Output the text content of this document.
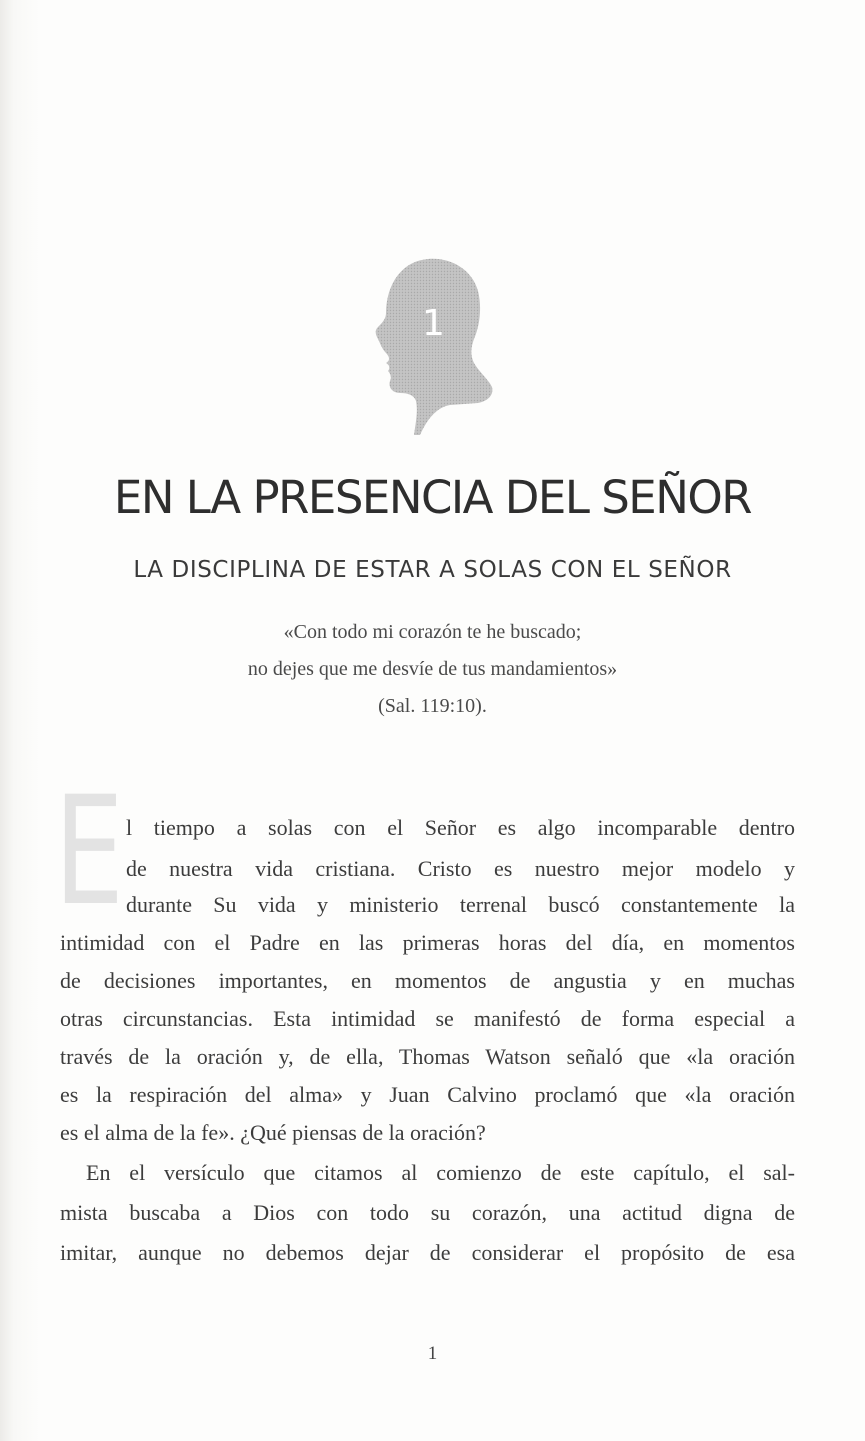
1
EN LA PRESENCIA DEL SEÑOR
LA DISCIPLINA DE ESTAR A SOLAS CON EL SEÑOR
«Con todo mi corazón te he buscado;
no dejes que me desvíe de tus mandamientos»
(Sal. 119:10).
E l tiempo a solas con el Señor es algo incomparable dentro
de nuestra vida cristiana. Cristo es nuestro mejor modelo y
durante Su vida y ministerio terrenal buscó constantemente la
intimidad con el Padre en las primeras horas del día, en momentos
de decisiones importantes, en momentos de angustia y en muchas
otras circunstancias. Esta intimidad se manifestó de forma especial a
través de la oración y, de ella, Thomas Watson señaló que «la oración
es la respiración del alma» y Juan Calvino proclamó que «la oración
es el alma de la fe». ¿Qué piensas de la oración?
En el versículo que citamos al comienzo de este capítulo, el sal-
mista buscaba a Dios con todo su corazón, una actitud digna de
imitar, aunque no debemos dejar de considerar el propósito de esa
1
